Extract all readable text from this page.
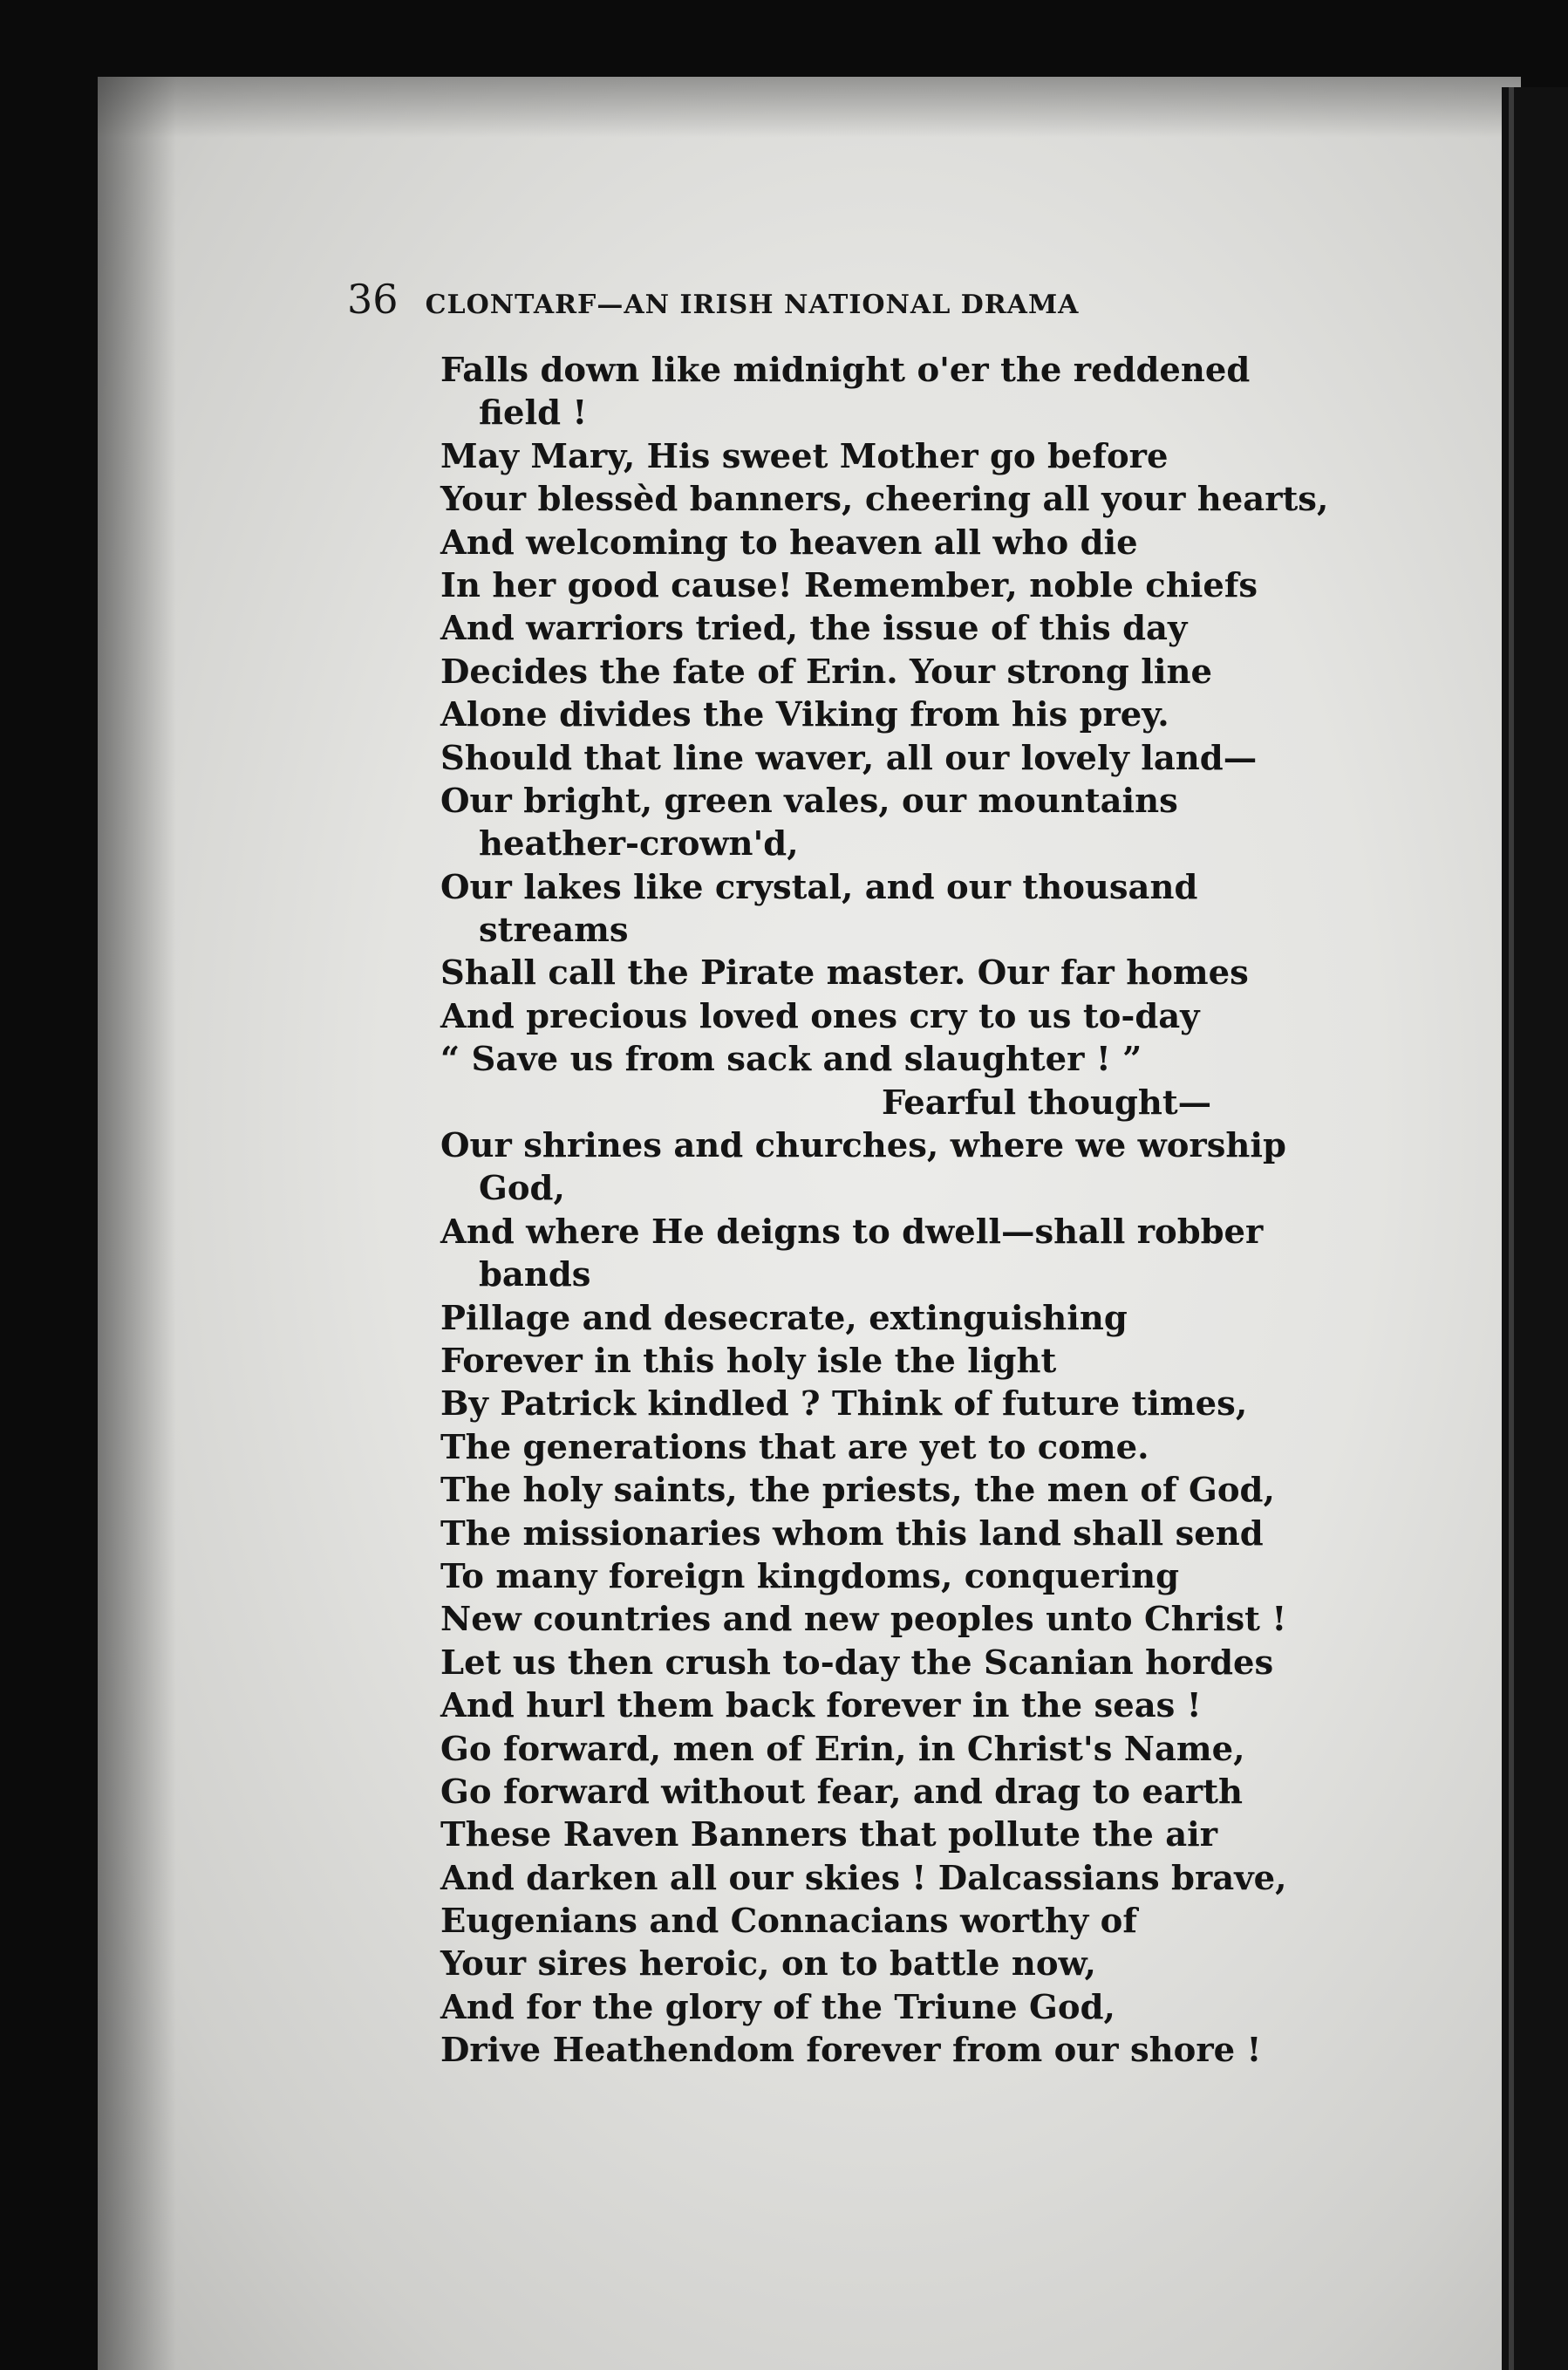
36 CLONTARF—AN IRISH NATIONAL DRAMA
Falls down like midnight o'er the reddened
field !
May Mary, His sweet Mother go before
Your blessèd banners, cheering all your hearts,
And welcoming to heaven all who die
In her good cause! Remember, noble chiefs
And warriors tried, the issue of this day
Decides the fate of Erin. Your strong line
Alone divides the Viking from his prey.
Should that line waver, all our lovely land—
Our bright, green vales, our mountains
heather-crown'd,
Our lakes like crystal, and our thousand
streams
Shall call the Pirate master. Our far homes
And precious loved ones cry to us to-day
“ Save us from sack and slaughter ! ”
Fearful thought—
Our shrines and churches, where we worship
God,
And where He deigns to dwell—shall robber
bands
Pillage and desecrate, extinguishing
Forever in this holy isle the light
By Patrick kindled ? Think of future times,
The generations that are yet to come.
The holy saints, the priests, the men of God,
The missionaries whom this land shall send
To many foreign kingdoms, conquering
New countries and new peoples unto Christ !
Let us then crush to-day the Scanian hordes
And hurl them back forever in the seas !
Go forward, men of Erin, in Christ's Name,
Go forward without fear, and drag to earth
These Raven Banners that pollute the air
And darken all our skies ! Dalcassians brave,
Eugenians and Connacians worthy of
Your sires heroic, on to battle now,
And for the glory of the Triune God,
Drive Heathendom forever from our shore !
